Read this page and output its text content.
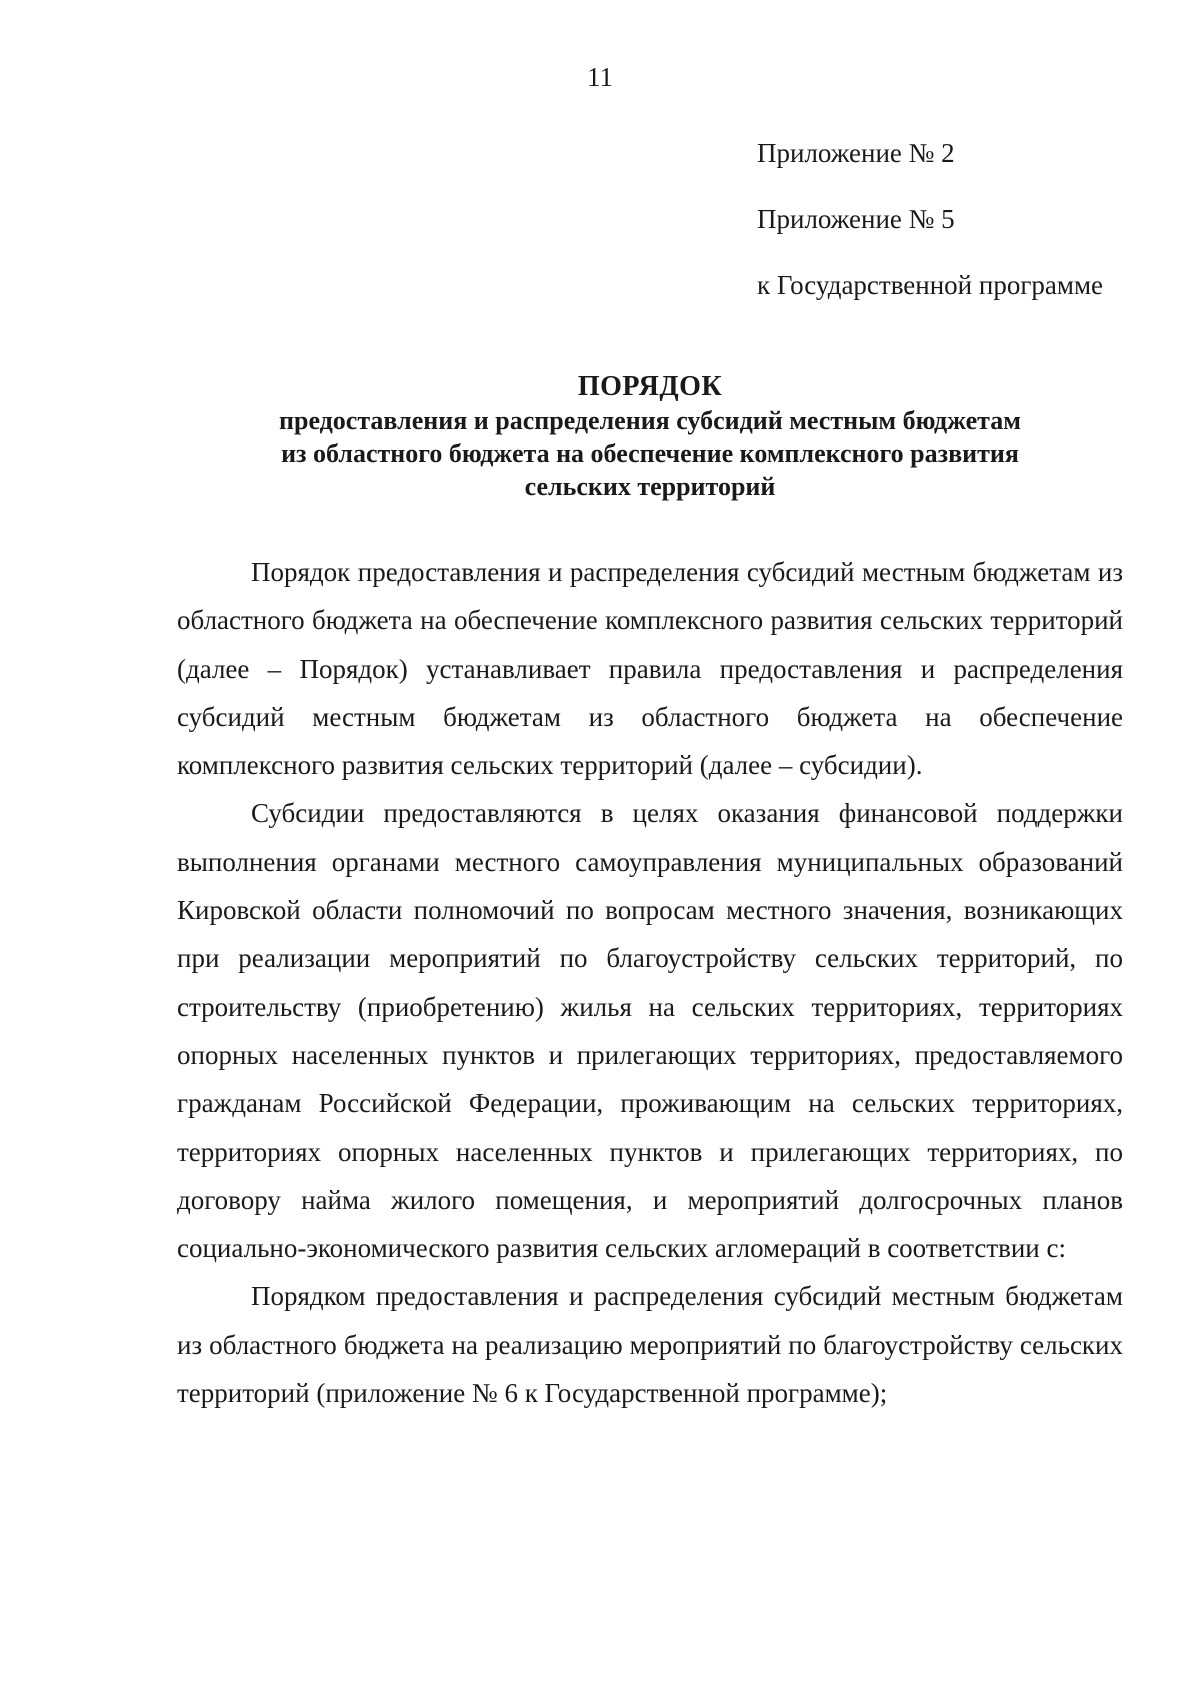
11
Приложение № 2
Приложение № 5
к Государственной программе
ПОРЯДОК
предоставления и распределения субсидий местным бюджетам
из областного бюджета на обеспечение комплексного развития
сельских территорий

Порядок предоставления и распределения субсидий местным бюджетам из областного бюджета на обеспечение комплексного развития сельских территорий (далее – Порядок) устанавливает правила предоставления и распределения субсидий местным бюджетам из областного бюджета на обеспечение комплексного развития сельских территорий (далее – субсидии).

Субсидии предоставляются в целях оказания финансовой поддержки выполнения органами местного самоуправления муниципальных образований Кировской области полномочий по вопросам местного значения, возникающих при реализации мероприятий по благоустройству сельских территорий, по строительству (приобретению) жилья на сельских территориях, территориях опорных населенных пунктов и прилегающих территориях, предоставляемого гражданам Российской Федерации, проживающим на сельских территориях, территориях опорных населенных пунктов и прилегающих территориях, по договору найма жилого помещения, и мероприятий долгосрочных планов социально-экономического развития сельских агломераций в соответствии с:

Порядком предоставления и распределения субсидий местным бюджетам из областного бюджета на реализацию мероприятий по благоустройству сельских территорий (приложение № 6 к Государственной программе);
